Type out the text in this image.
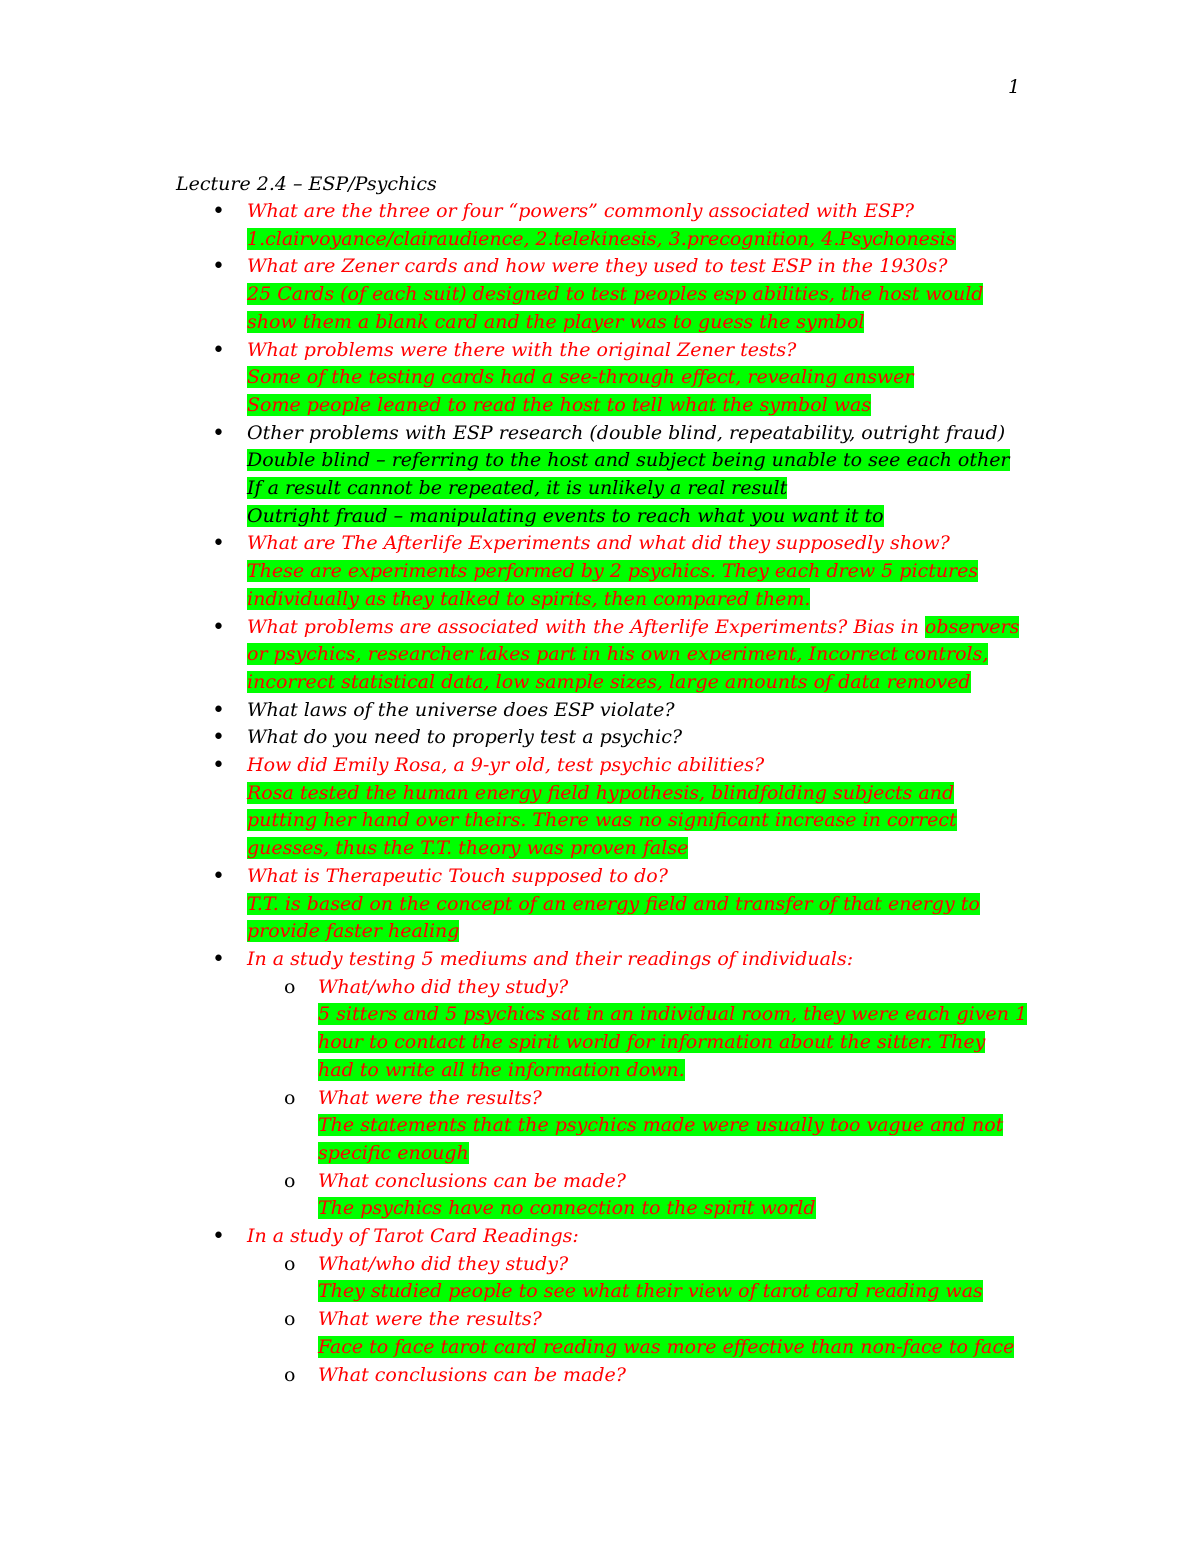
1
Lecture 2.4 – ESP/Psychics
• What are the three or four “powers” commonly associated with ESP?
1.clairvoyance/clairaudience, 2.telekinesis, 3.precognition, 4.Psychonesis
• What are Zener cards and how were they used to test ESP in the 1930s?
25 Cards (of each suit) designed to test peoples esp abilities, the host would
show them a blank card and the player was to guess the symbol
• What problems were there with the original Zener tests?
Some of the testing cards had a see-through effect, revealing answer
Some people leaned to read the host to tell what the symbol was
• Other problems with ESP research (double blind, repeatability, outright fraud)
Double blind – referring to the host and subject being unable to see each other
If a result cannot be repeated, it is unlikely a real result
Outright fraud – manipulating events to reach what you want it to
• What are The Afterlife Experiments and what did they supposedly show?
These are experiments performed by 2 psychics. They each drew 5 pictures
individually as they talked to spirits, then compared them.
• What problems are associated with the Afterlife Experiments? Bias in observers
or psychics, researcher takes part in his own experiment, Incorrect controls,
incorrect statistical data, low sample sizes, large amounts of data removed
• What laws of the universe does ESP violate?
• What do you need to properly test a psychic?
• How did Emily Rosa, a 9-yr old, test psychic abilities?
Rosa tested the human energy field hypothesis, blindfolding subjects and
putting her hand over theirs. There was no significant increase in correct
guesses, thus the T.T. theory was proven false
• What is Therapeutic Touch supposed to do?
T.T. is based on the concept of an energy field and transfer of that energy to
provide faster healing
• In a study testing 5 mediums and their readings of individuals:
o What/who did they study?
5 sitters and 5 psychics sat in an individual room, they were each given 1
hour to contact the spirit world for information about the sitter. They
had to write all the information down.
o What were the results?
The statements that the psychics made were usually too vague and not
specific enough
o What conclusions can be made?
The psychics have no connection to the spirit world
• In a study of Tarot Card Readings:
o What/who did they study?
They studied people to see what their view of tarot card reading was
o What were the results?
Face to face tarot card reading was more effective than non-face to face
o What conclusions can be made?
